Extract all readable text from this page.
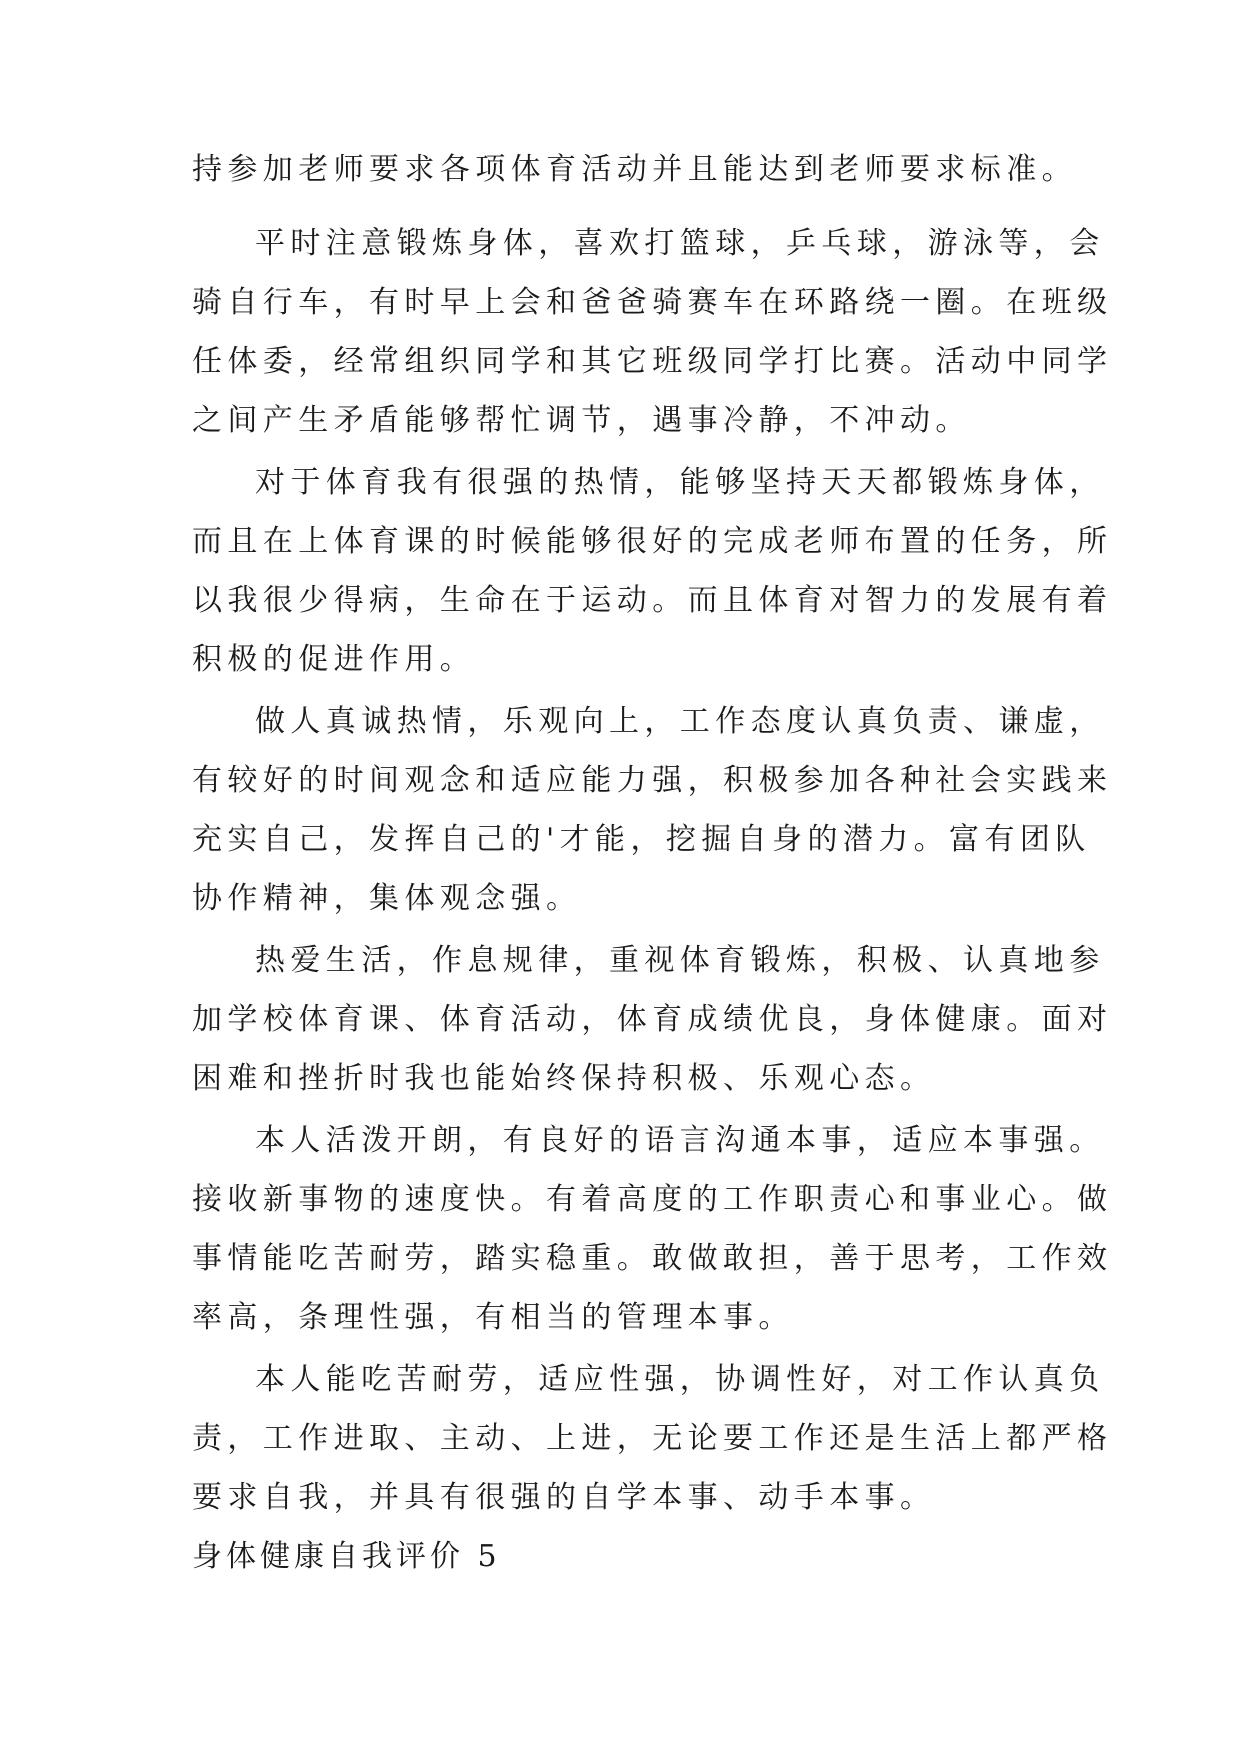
持参加老师要求各项体育活动并且能达到老师要求标准。
平时注意锻炼身体，喜欢打篮球，乒乓球，游泳等，会
骑自行车，有时早上会和爸爸骑赛车在环路绕一圈。在班级
任体委，经常组织同学和其它班级同学打比赛。活动中同学
之间产生矛盾能够帮忙调节，遇事冷静，不冲动。
对于体育我有很强的热情，能够坚持天天都锻炼身体，
而且在上体育课的时候能够很好的完成老师布置的任务，所
以我很少得病，生命在于运动。而且体育对智力的发展有着
积极的促进作用。
做人真诚热情，乐观向上，工作态度认真负责、谦虚，
有较好的时间观念和适应能力强，积极参加各种社会实践来
充实自己，发挥自己的'才能，挖掘自身的潜力。富有团队
协作精神，集体观念强。
热爱生活，作息规律，重视体育锻炼，积极、认真地参
加学校体育课、体育活动，体育成绩优良，身体健康。面对
困难和挫折时我也能始终保持积极、乐观心态。
本人活泼开朗，有良好的语言沟通本事，适应本事强。
接收新事物的速度快。有着高度的工作职责心和事业心。做
事情能吃苦耐劳，踏实稳重。敢做敢担，善于思考，工作效
率高，条理性强，有相当的管理本事。
本人能吃苦耐劳，适应性强，协调性好，对工作认真负
责，工作进取、主动、上进，无论要工作还是生活上都严格
要求自我，并具有很强的自学本事、动手本事。
身体健康自我评价 5
